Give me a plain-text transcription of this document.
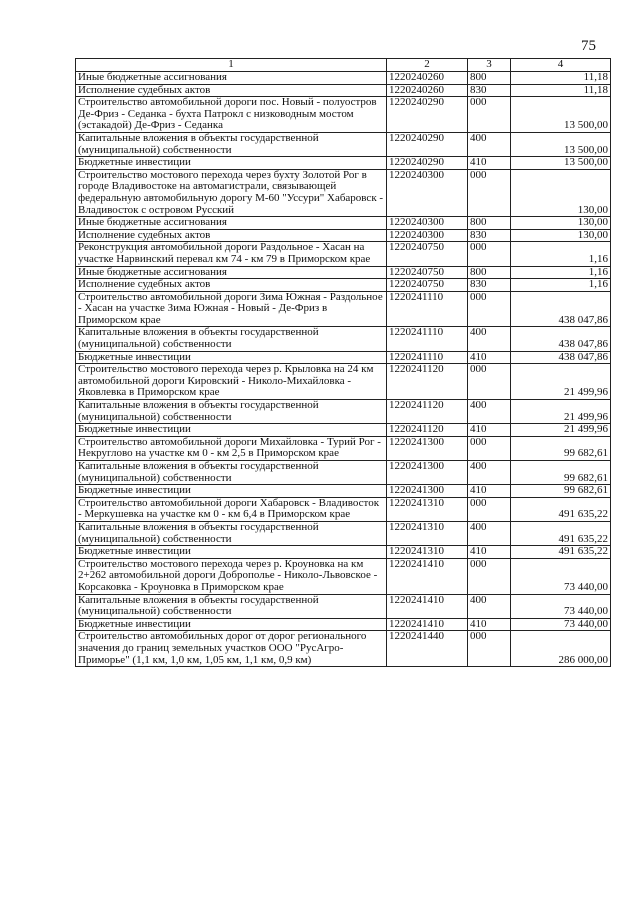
75
1	2	3	4
Иные бюджетные ассигнования	1220240260	800	11,18
Исполнение судебных актов	1220240260	830	11,18
Строительство автомобильной дороги пос. Новый - полуостров Де-Фриз - Седанка - бухта Патрокл с низководным мостом (эстакадой) Де-Фриз - Седанка	1220240290	000	13 500,00
Капитальные вложения в объекты государственной (муниципальной) собственности	1220240290	400	13 500,00
Бюджетные инвестиции	1220240290	410	13 500,00
Строительство мостового перехода через бухту Золотой Рог в городе Владивостоке на автомагистрали, связывающей федеральную автомобильную дорогу М-60 "Уссури" Хабаровск - Владивосток с островом Русский	1220240300	000	130,00
Иные бюджетные ассигнования	1220240300	800	130,00
Исполнение судебных актов	1220240300	830	130,00
Реконструкция автомобильной дороги Раздольное - Хасан на участке Нарвинский перевал км 74 - км 79 в Приморском крае	1220240750	000	1,16
Иные бюджетные ассигнования	1220240750	800	1,16
Исполнение судебных актов	1220240750	830	1,16
Строительство автомобильной дороги Зима Южная - Раздольное - Хасан на участке Зима Южная - Новый - Де-Фриз в Приморском крае	1220241110	000	438 047,86
Капитальные вложения в объекты государственной (муниципальной) собственности	1220241110	400	438 047,86
Бюджетные инвестиции	1220241110	410	438 047,86
Строительство мостового перехода через р. Крыловка на 24 км автомобильной дороги Кировский - Николо-Михайловка - Яковлевка в Приморском крае	1220241120	000	21 499,96
Капитальные вложения в объекты государственной (муниципальной) собственности	1220241120	400	21 499,96
Бюджетные инвестиции	1220241120	410	21 499,96
Строительство автомобильной дороги Михайловка - Турий Рог - Некруглово на участке км 0 - км 2,5 в Приморском крае	1220241300	000	99 682,61
Капитальные вложения в объекты государственной (муниципальной) собственности	1220241300	400	99 682,61
Бюджетные инвестиции	1220241300	410	99 682,61
Строительство автомобильной дороги Хабаровск - Владивосток - Меркушевка на участке км 0 - км 6,4 в Приморском крае	1220241310	000	491 635,22
Капитальные вложения в объекты государственной (муниципальной) собственности	1220241310	400	491 635,22
Бюджетные инвестиции	1220241310	410	491 635,22
Строительство мостового перехода через р. Кроуновка на км 2+262 автомобильной дороги Доброполье - Николо-Львовское - Корсаковка - Кроуновка в Приморском крае	1220241410	000	73 440,00
Капитальные вложения в объекты государственной (муниципальной) собственности	1220241410	400	73 440,00
Бюджетные инвестиции	1220241410	410	73 440,00
Строительство автомобильных дорог от дорог регионального значения до границ земельных участков ООО "РусАгро-Приморье" (1,1 км, 1,0 км, 1,05 км, 1,1 км, 0,9 км)	1220241440	000	286 000,00
